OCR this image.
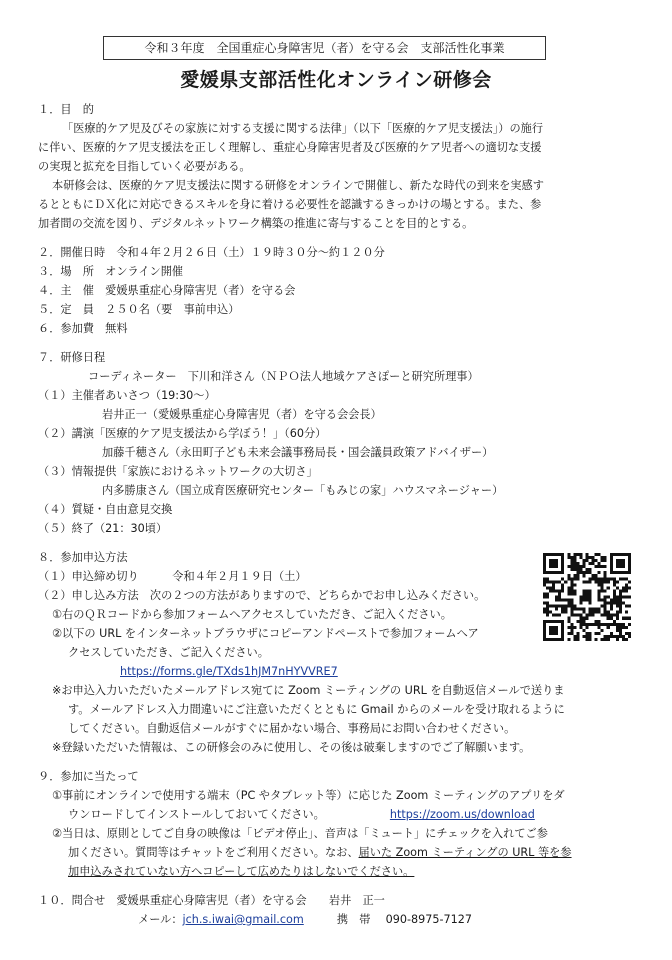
令和３年度　全国重症心身障害児（者）を守る会　支部活性化事業
愛媛県支部活性化オンライン研修会
１．目　的
「医療的ケア児及びその家族に対する支援に関する法律」（以下「医療的ケア児支援法」）の施行
に伴い、医療的ケア児支援法を正しく理解し、重症心身障害児者及び医療的ケア児者への適切な支援
の実現と拡充を目指していく必要がある。
本研修会は、医療的ケア児支援法に関する研修をオンラインで開催し、新たな時代の到来を実感す
るとともにＤＸ化に対応できるスキルを身に着ける必要性を認識するきっかけの場とする。また、参
加者間の交流を図り、デジタルネットワーク構築の推進に寄与することを目的とする。
２．開催日時　令和４年２月２６日（土）１９時３０分～約１２０分
３．場　所　オンライン開催
４．主　催　愛媛県重症心身障害児（者）を守る会
５．定　員　２５０名（要　事前申込）
６．参加費　無料
７．研修日程
コーディネーター　下川和洋さん（ＮＰＯ法人地域ケアさぽーと研究所理事）
（１）主催者あいさつ（19:30～）
岩井正一（愛媛県重症心身障害児（者）を守る会会長）
（２）講演「医療的ケア児支援法から学ぼう！」（60分）
加藤千穂さん（永田町子ども未来会議事務局長・国会議員政策アドバイザー）
（３）情報提供「家族におけるネットワークの大切さ」
内多勝康さん（国立成育医療研究センター「もみじの家」ハウスマネージャー）
（４）質疑・自由意見交換
（５）終了（21：30頃）
８．参加申込方法
（１）申込締め切り　　　令和４年２月１９日（土）
（２）申し込み方法　次の２つの方法がありますので、どちらかでお申し込みください。
①右のＱＲコードから参加フォームへアクセスしていただき、ご記入ください。
②以下の URL をインターネットブラウザにコピーアンドペーストで参加フォームへア
クセスしていただき、ご記入ください。
https://forms.gle/TXds1hJM7nHYVVRE7
※お申込入力いただいたメールアドレス宛てに Zoom ミーティングの URL を自動返信メールで送りま
す。メールアドレス入力間違いにご注意いただくとともに Gmail からのメールを受け取れるように
してください。自動返信メールがすぐに届かない場合、事務局にお問い合わせください。
※登録いただいた情報は、この研修会のみに使用し、その後は破棄しますのでご了解願います。
９．参加に当たって
①事前にオンラインで使用する端末（PC やタブレット等）に応じた Zoom ミーティングのアプリをダ
ウンロードしてインストールしておいてください。	https://zoom.us/download
②当日は、原則としてご自身の映像は「ビデオ停止」、音声は「ミュート」にチェックを入れてご参
加ください。質問等はチャットをご利用ください。なお、届いた Zoom ミーティングの URL 等を参
加申込みされていない方へコピーして広めたりはしないでください。
１０．問合せ　愛媛県重症心身障害児（者）を守る会　　岩井　正一
メール：jch.s.iwai@gmail.com	携　帯 090-8975-7127
